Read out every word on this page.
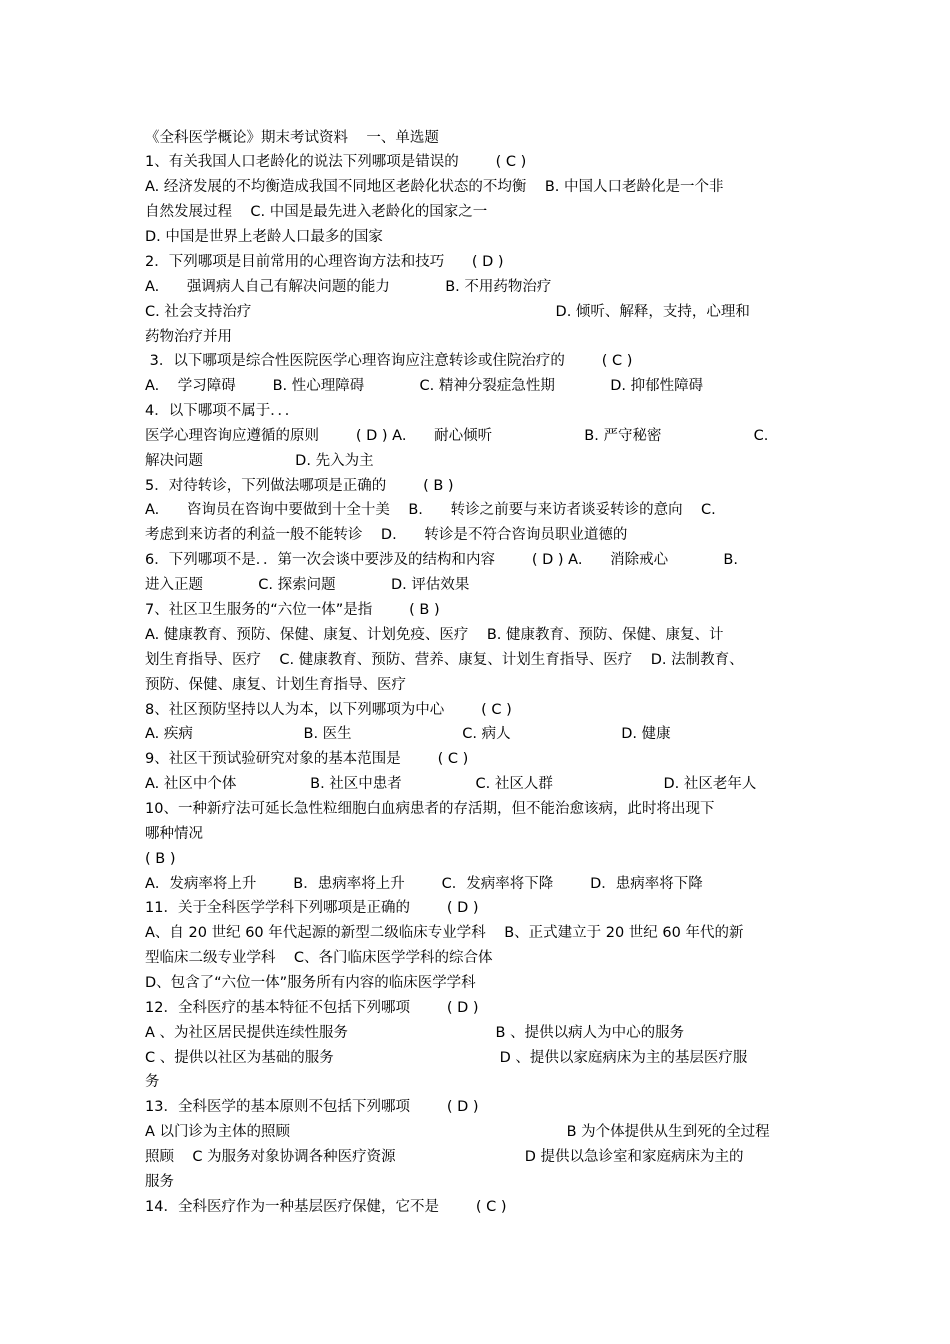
《全科医学概论》期末考试资料    一、单选题
1、有关我国人口老龄化的说法下列哪项是错误的        ( C )
A. 经济发展的不均衡造成我国不同地区老龄化状态的不均衡    B. 中国人口老龄化是一个非
自然发展过程    C. 中国是最先进入老龄化的国家之一
D. 中国是世界上老龄人口最多的国家
2．下列哪项是目前常用的心理咨询方法和技巧      ( D )
A.      强调病人自己有解决问题的能力            B. 不用药物治疗
C. 社会支持治疗                                                                  D. 倾听、解释，支持，心理和
药物治疗并用
3．以下哪项是综合性医院医学心理咨询应注意转诊或住院治疗的        ( C )
A.    学习障碍        B. 性心理障碍            C. 精神分裂症急性期            D. 抑郁性障碍
4．以下哪项不属于．．．
医学心理咨询应遵循的原则        ( D ) A.      耐心倾听                    B. 严守秘密                    C.
解决问题                    D. 先入为主
5．对待转诊，下列做法哪项是正确的        ( B )
A.      咨询员在咨询中要做到十全十美    B.      转诊之前要与来访者谈妥转诊的意向    C.
考虑到来访者的利益一般不能转诊    D.      转诊是不符合咨询员职业道德的
6．下列哪项不是．．第一次会谈中要涉及的结构和内容        ( D ) A.      消除戒心            B.
进入正题            C. 探索问题            D. 评估效果
7、社区卫生服务的“六位一体”是指        ( B )
A. 健康教育、预防、保健、康复、计划免疫、医疗    B. 健康教育、预防、保健、康复、计
划生育指导、医疗    C. 健康教育、预防、营养、康复、计划生育指导、医疗    D. 法制教育、
预防、保健、康复、计划生育指导、医疗
8、社区预防坚持以人为本，以下列哪项为中心        ( C )
A. 疾病                        B. 医生                        C. 病人                        D. 健康
9、社区干预试验研究对象的基本范围是        ( C )
A. 社区中个体                B. 社区中患者                C. 社区人群                        D. 社区老年人
10、一种新疗法可延长急性粒细胞白血病患者的存活期，但不能治愈该病，此时将出现下
哪种情况
( B )
A．发病率将上升        B．患病率将上升        C．发病率将下降        D．患病率将下降
11．关于全科医学学科下列哪项是正确的        ( D )
A、自 20 世纪 60 年代起源的新型二级临床专业学科    B、正式建立于 20 世纪 60 年代的新
型临床二级专业学科    C、各门临床医学学科的综合体
D、包含了“六位一体”服务所有内容的临床医学学科
12．全科医疗的基本特征不包括下列哪项        ( D )
A 、为社区居民提供连续性服务                                B 、提供以病人为中心的服务
C 、提供以社区为基础的服务                                    D 、提供以家庭病床为主的基层医疗服
务
13．全科医学的基本原则不包括下列哪项        ( D )
A 以门诊为主体的照顾                                                            B 为个体提供从生到死的全过程
照顾    C 为服务对象协调各种医疗资源                            D 提供以急诊室和家庭病床为主的
服务
14．全科医疗作为一种基层医疗保健，它不是        ( C )
